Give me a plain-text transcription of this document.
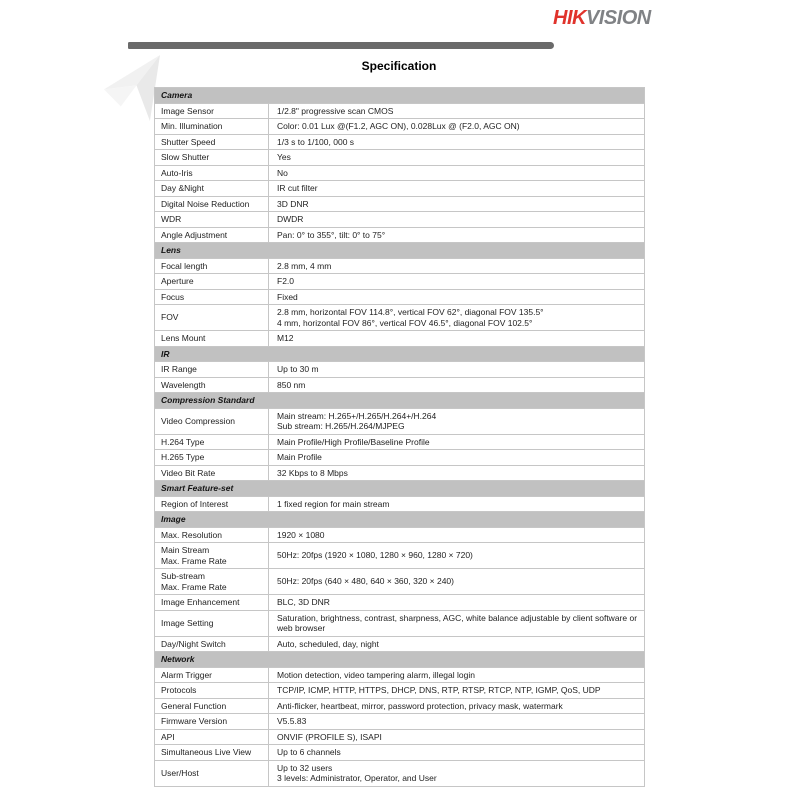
HIKVISION
Specification
Camera	
Image Sensor	1/2.8" progressive scan CMOS
Min. Illumination	Color: 0.01 Lux @(F1.2, AGC ON), 0.028Lux @ (F2.0, AGC ON)
Shutter Speed	1/3 s to 1/100, 000 s
Slow Shutter	Yes
Auto-Iris	No
Day &Night	IR cut filter
Digital Noise Reduction	3D DNR
WDR	DWDR
Angle Adjustment	Pan: 0° to 355°, tilt: 0° to 75°
Lens	
Focal length	2.8 mm, 4 mm
Aperture	F2.0
Focus	Fixed
FOV	2.8 mm, horizontal FOV 114.8°, vertical FOV 62°, diagonal FOV 135.5°
4 mm, horizontal FOV 86°, vertical FOV 46.5°, diagonal FOV 102.5°
Lens Mount	M12
IR	
IR Range	Up to 30 m
Wavelength	850 nm
Compression Standard	
Video Compression	Main stream: H.265+/H.265/H.264+/H.264
Sub stream: H.265/H.264/MJPEG
H.264 Type	Main Profile/High Profile/Baseline Profile
H.265 Type	Main Profile
Video Bit Rate	32 Kbps to 8 Mbps
Smart Feature-set	
Region of Interest	1 fixed region for main stream
Image	
Max. Resolution	1920 × 1080
Main Stream
Max. Frame Rate	50Hz: 20fps (1920 × 1080, 1280 × 960, 1280 × 720)
Sub-stream
Max. Frame Rate	50Hz: 20fps (640 × 480, 640 × 360, 320 × 240)
Image Enhancement	BLC, 3D DNR
Image Setting	Saturation, brightness, contrast, sharpness, AGC, white balance adjustable by client software or web browser
Day/Night Switch	Auto, scheduled, day, night
Network	
Alarm Trigger	Motion detection, video tampering alarm, illegal login
Protocols	TCP/IP, ICMP, HTTP, HTTPS, DHCP, DNS, RTP, RTSP, RTCP, NTP, IGMP, QoS, UDP
General Function	Anti-flicker, heartbeat, mirror, password protection, privacy mask, watermark
Firmware Version	V5.5.83
API	ONVIF (PROFILE S), ISAPI
Simultaneous Live View	Up to 6 channels
User/Host	Up to 32 users
3 levels: Administrator, Operator, and User
